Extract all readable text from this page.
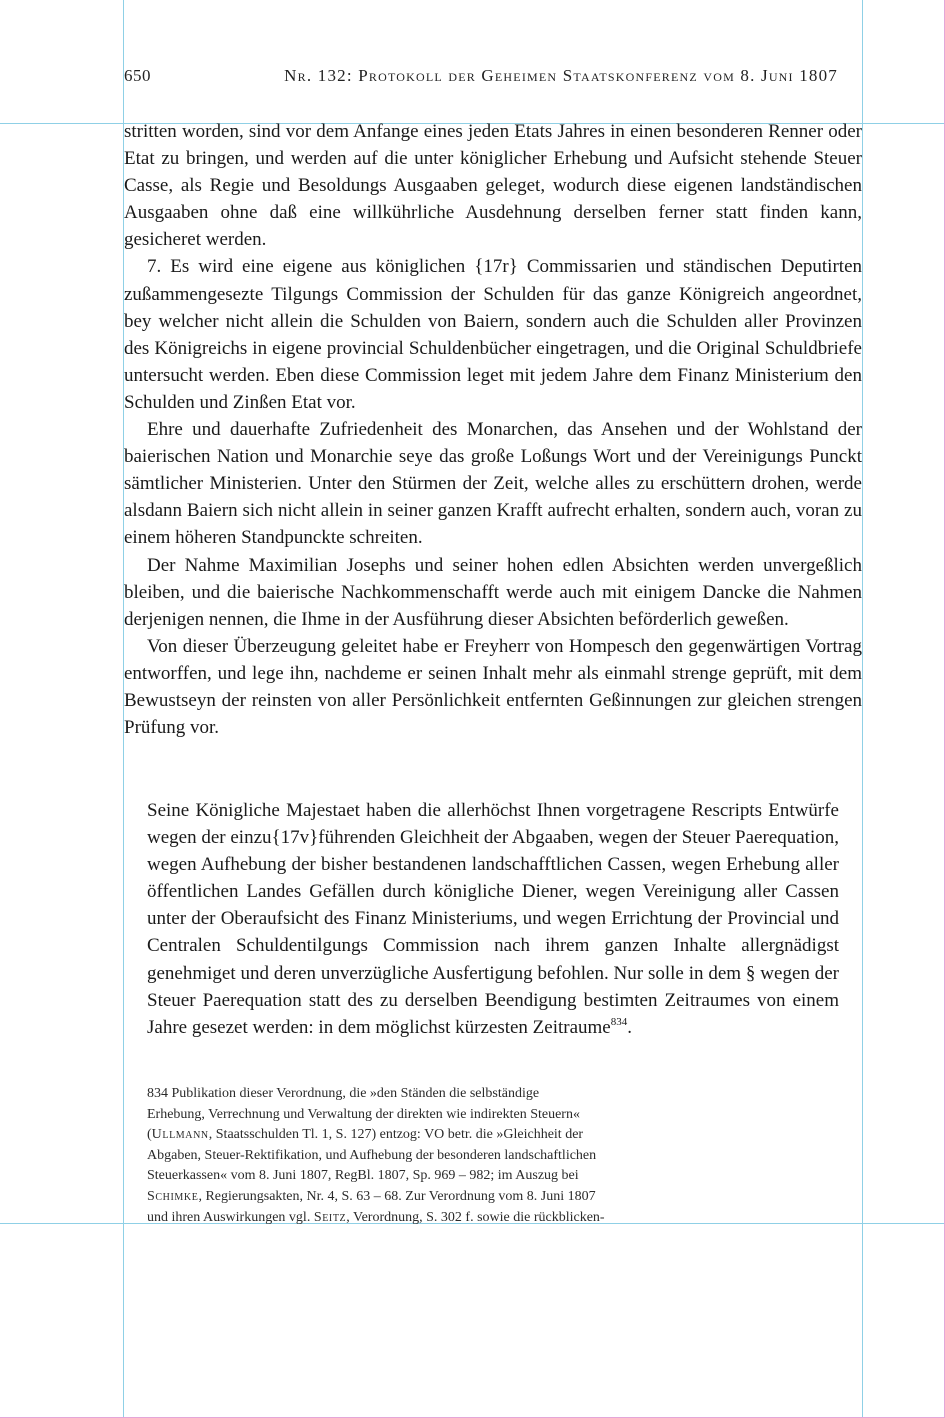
650	Nr. 132: Protokoll der Geheimen Staatskonferenz vom 8. Juni 1807

stritten worden, sind vor dem Anfange eines jeden Etats Jahres in einen besonderen Renner oder Etat zu bringen, und werden auf die unter königlicher Erhebung und Aufsicht stehende Steuer Casse, als Regie und Besoldungs Ausgaaben geleget, wodurch diese eigenen landständischen Ausgaaben ohne daß eine willkührliche Ausdehnung derselben ferner statt finden kann, gesicheret werden.

7. Es wird eine eigene aus königlichen {17r} Commissarien und ständischen Deputirten zußammengesezte Tilgungs Commission der Schulden für das ganze Königreich angeordnet, bey welcher nicht allein die Schulden von Baiern, sondern auch die Schulden aller Provinzen des Königreichs in eigene provincial Schuldenbücher eingetragen, und die Original Schuldbriefe untersucht werden. Eben diese Commission leget mit jedem Jahre dem Finanz Ministerium den Schulden und Zinßen Etat vor.

Ehre und dauerhafte Zufriedenheit des Monarchen, das Ansehen und der Wohlstand der baierischen Nation und Monarchie seye das große Loßungs Wort und der Vereinigungs Punckt sämtlicher Ministerien. Unter den Stürmen der Zeit, welche alles zu erschüttern drohen, werde alsdann Baiern sich nicht allein in seiner ganzen Krafft aufrecht erhalten, sondern auch, voran zu einem höheren Standpunckte schreiten.

Der Nahme Maximilian Josephs und seiner hohen edlen Absichten werden unvergeßlich bleiben, und die baierische Nachkommenschafft werde auch mit einigem Dancke die Nahmen derjenigen nennen, die Ihme in der Ausführung dieser Absichten beförderlich geweßen.

Von dieser Überzeugung geleitet habe er Freyherr von Hompesch den gegenwärtigen Vortrag entworffen, und lege ihn, nachdeme er seinen Inhalt mehr als einmahl strenge geprüft, mit dem Bewustseyn der reinsten von aller Persönlichkeit entfernten Geßinnungen zur gleichen strengen Prüfung vor.

Seine Königliche Majestaet haben die allerhöchst Ihnen vorgetragene Rescripts Entwürfe wegen der einzu{17v}führenden Gleichheit der Abgaaben, wegen der Steuer Paerequation, wegen Aufhebung der bisher bestandenen landschafftlichen Cassen, wegen Erhebung aller öffentlichen Landes Gefällen durch königliche Diener, wegen Vereinigung aller Cassen unter der Oberaufsicht des Finanz Ministeriums, und wegen Errichtung der Provincial und Centralen Schuldentilgungs Commission nach ihrem ganzen Inhalte allergnädigst genehmiget und deren unverzügliche Ausfertigung befohlen. Nur solle in dem § wegen der Steuer Paerequation statt des zu derselben Beendigung bestimten Zeitraumes von einem Jahre gesezet werden: in dem möglichst kürzesten Zeitraume$^{834}$.
834 Publikation dieser Verordnung, die »den Ständen die selbständige
Erhebung, Verrechnung und Verwaltung der direkten wie indirekten Steuern«
(Ullmann, Staatsschulden Tl. 1, S. 127) entzog: VO betr. die »Gleichheit der
Abgaben, Steuer-Rektifikation, und Aufhebung der besonderen landschaftlichen
Steuerkassen« vom 8. Juni 1807, RegBl. 1807, Sp. 969 – 982; im Auszug bei
Schimke, Regierungsakten, Nr. 4, S. 63 – 68. Zur Verordnung vom 8. Juni 1807
und ihren Auswirkungen vgl. Seitz, Verordnung, S. 302 f. sowie die rückblicken-
